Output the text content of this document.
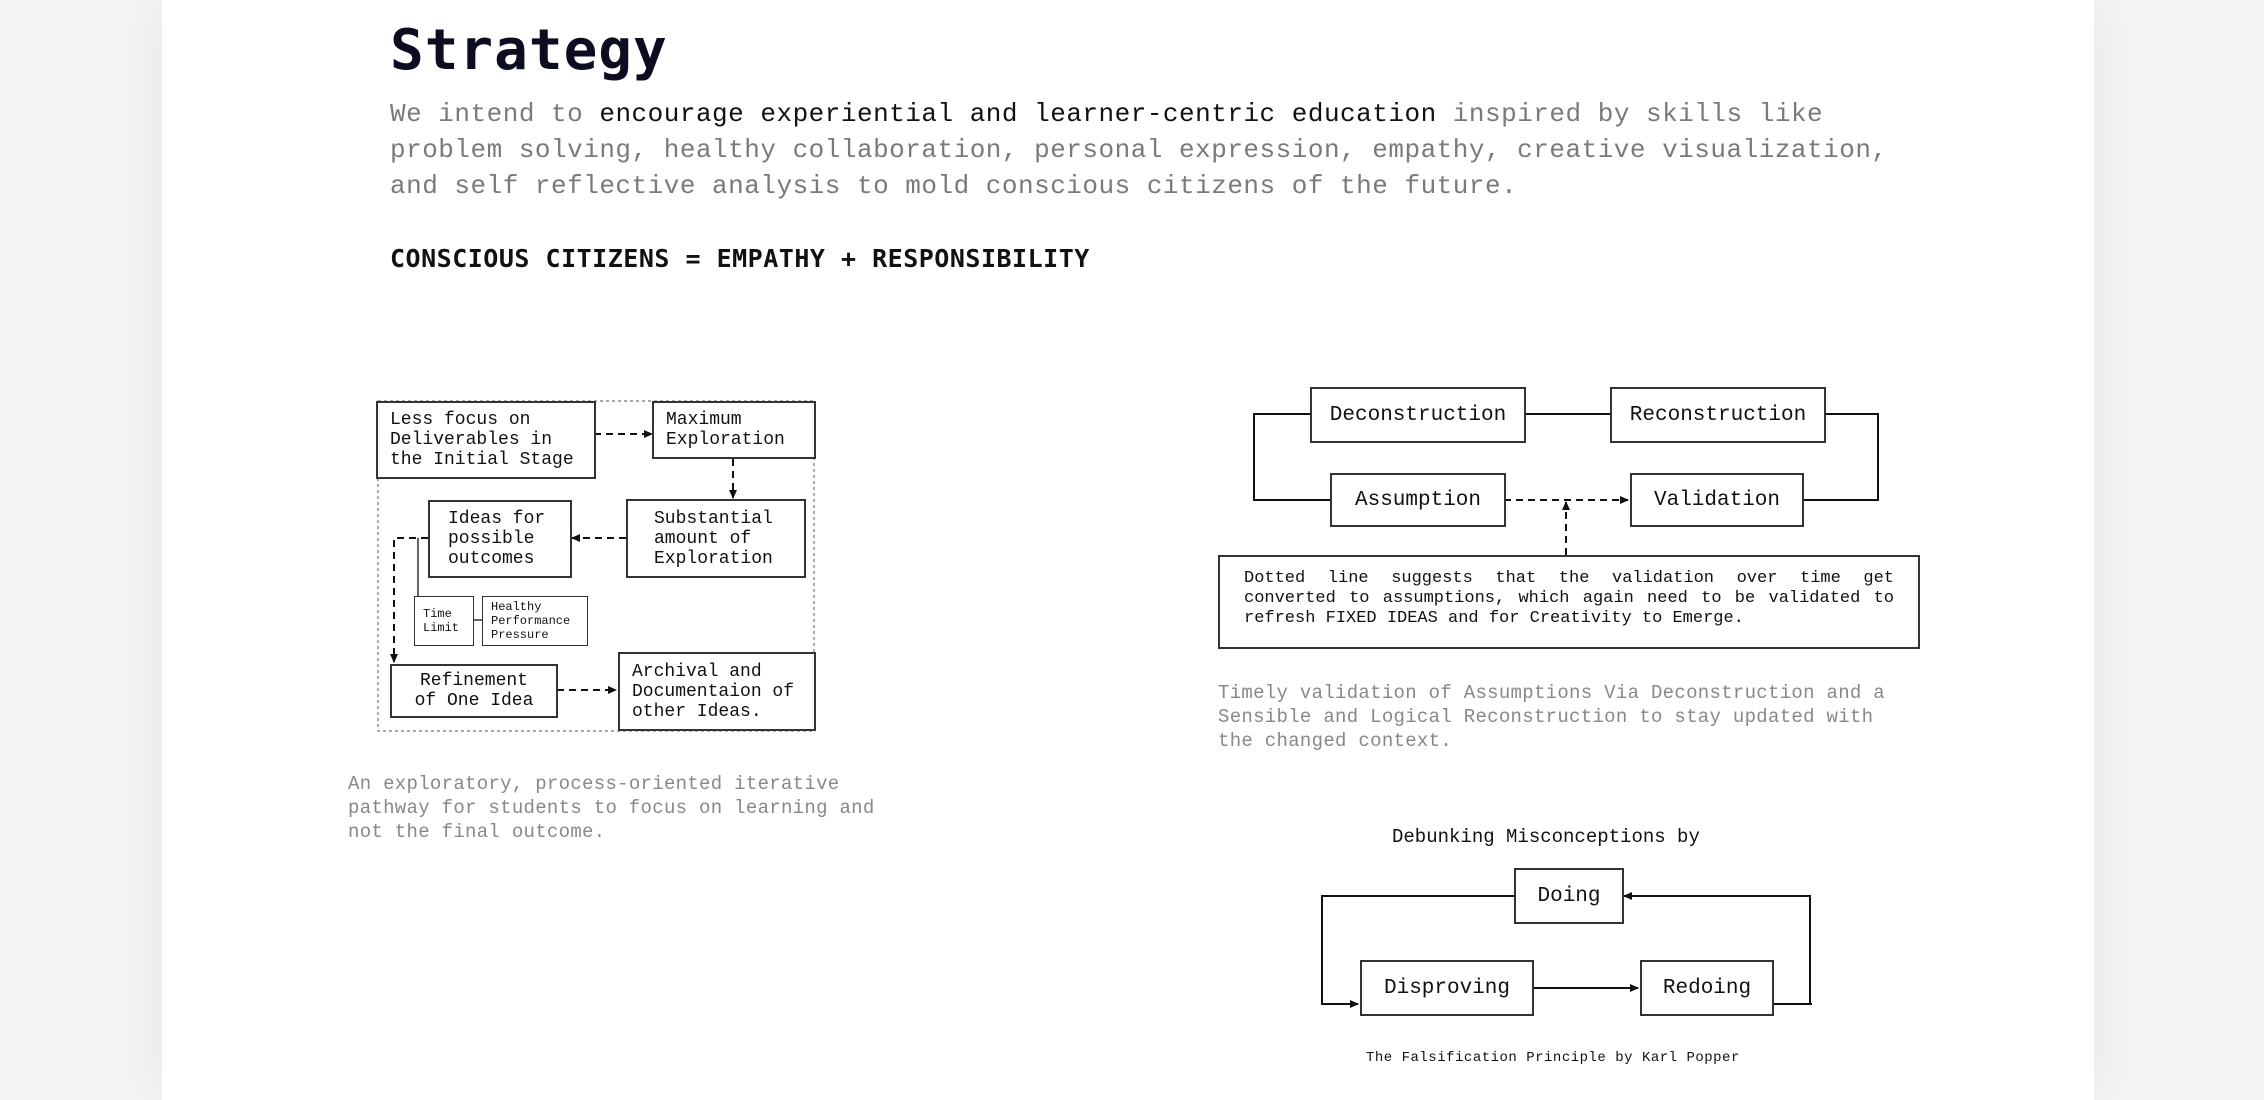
Strategy

We intend to encourage experiential and learner-centric education inspired by skills like problem solving, healthy collaboration, personal expression, empathy, creative visualization, and self reflective analysis to mold conscious citizens of the future.

CONSCIOUS CITIZENS = EMPATHY + RESPONSIBILITY

Less focus on
Deliverables in
the Initial Stage
Maximum
Exploration
Ideas for
possible
outcomes
Substantial
amount of
Exploration
Time
Limit
Healthy
Performance
Pressure
Refinement
of One Idea
Archival and
Documentaion of
other Ideas.

An exploratory, process-oriented iterative
pathway for students to focus on learning and
not the final outcome.

Deconstruction	Reconstruction
Assumption	Validation
Dotted line suggests that the validation over time get converted to assumptions, which again need to be validated to refresh FIXED IDEAS and for Creativity to Emerge.

Timely validation of Assumptions Via Deconstruction and a
Sensible and Logical Reconstruction to stay updated with
the changed context.

Debunking Misconceptions by

Doing
Disproving	Redoing

The Falsification Principle by Karl Popper
